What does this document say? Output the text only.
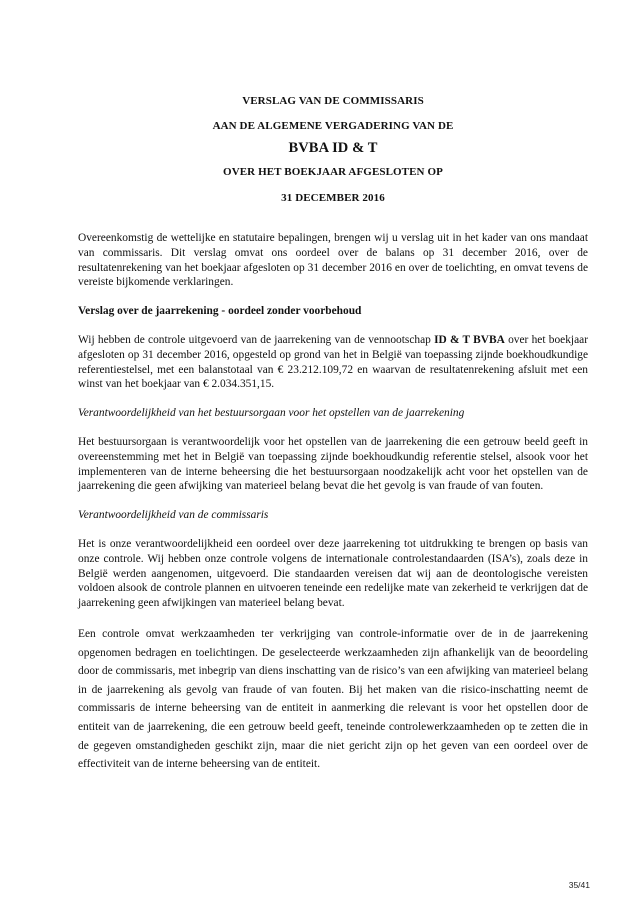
VERSLAG VAN DE COMMISSARIS
AAN DE ALGEMENE VERGADERING VAN DE
BVBA ID & T
OVER HET BOEKJAAR AFGESLOTEN OP
31 DECEMBER 2016

Overeenkomstig de wettelijke en statutaire bepalingen, brengen wij u verslag uit in het kader van ons mandaat van commissaris. Dit verslag omvat ons oordeel over de balans op 31 december 2016, over de resultatenrekening van het boekjaar afgesloten op 31 december 2016 en over de toelichting, en omvat tevens de vereiste bijkomende verklaringen.

Verslag over de jaarrekening - oordeel zonder voorbehoud

Wij hebben de controle uitgevoerd van de jaarrekening van de vennootschap ID & T BVBA over het boekjaar afgesloten op 31 december 2016, opgesteld op grond van het in België van toepassing zijnde boekhoudkundige referentiestelsel, met een balanstotaal van € 23.212.109,72 en waarvan de resultatenrekening afsluit met een winst van het boekjaar van € 2.034.351,15.

Verantwoordelijkheid van het bestuursorgaan voor het opstellen van de jaarrekening

Het bestuursorgaan is verantwoordelijk voor het opstellen van de jaarrekening die een getrouw beeld geeft in overeenstemming met het in België van toepassing zijnde boekhoudkundig referentie stelsel, alsook voor het implementeren van de interne beheersing die het bestuursorgaan noodzakelijk acht voor het opstellen van de jaarrekening die geen afwijking van materieel belang bevat die het gevolg is van fraude of van fouten.

Verantwoordelijkheid van de commissaris

Het is onze verantwoordelijkheid een oordeel over deze jaarrekening tot uitdrukking te brengen op basis van onze controle. Wij hebben onze controle volgens de internationale controlestandaarden (ISA’s), zoals deze in België werden aangenomen, uitgevoerd. Die standaarden vereisen dat wij aan de deontologische vereisten voldoen alsook de controle plannen en uitvoeren teneinde een redelijke mate van zekerheid te verkrijgen dat de jaarrekening geen afwijkingen van materieel belang bevat.

Een controle omvat werkzaamheden ter verkrijging van controle-informatie over de in de jaarrekening opgenomen bedragen en toelichtingen. De geselecteerde werkzaamheden zijn afhankelijk van de beoordeling door de commissaris, met inbegrip van diens inschatting van de risico’s van een afwijking van materieel belang in de jaarrekening als gevolg van fraude of van fouten. Bij het maken van die risico-inschatting neemt de commissaris de interne beheersing van de entiteit in aanmerking die relevant is voor het opstellen door de entiteit van de jaarrekening, die een getrouw beeld geeft, teneinde controlewerkzaamheden op te zetten die in de gegeven omstandigheden geschikt zijn, maar die niet gericht zijn op het geven van een oordeel over de effectiviteit van de interne beheersing van de entiteit.

35/41
